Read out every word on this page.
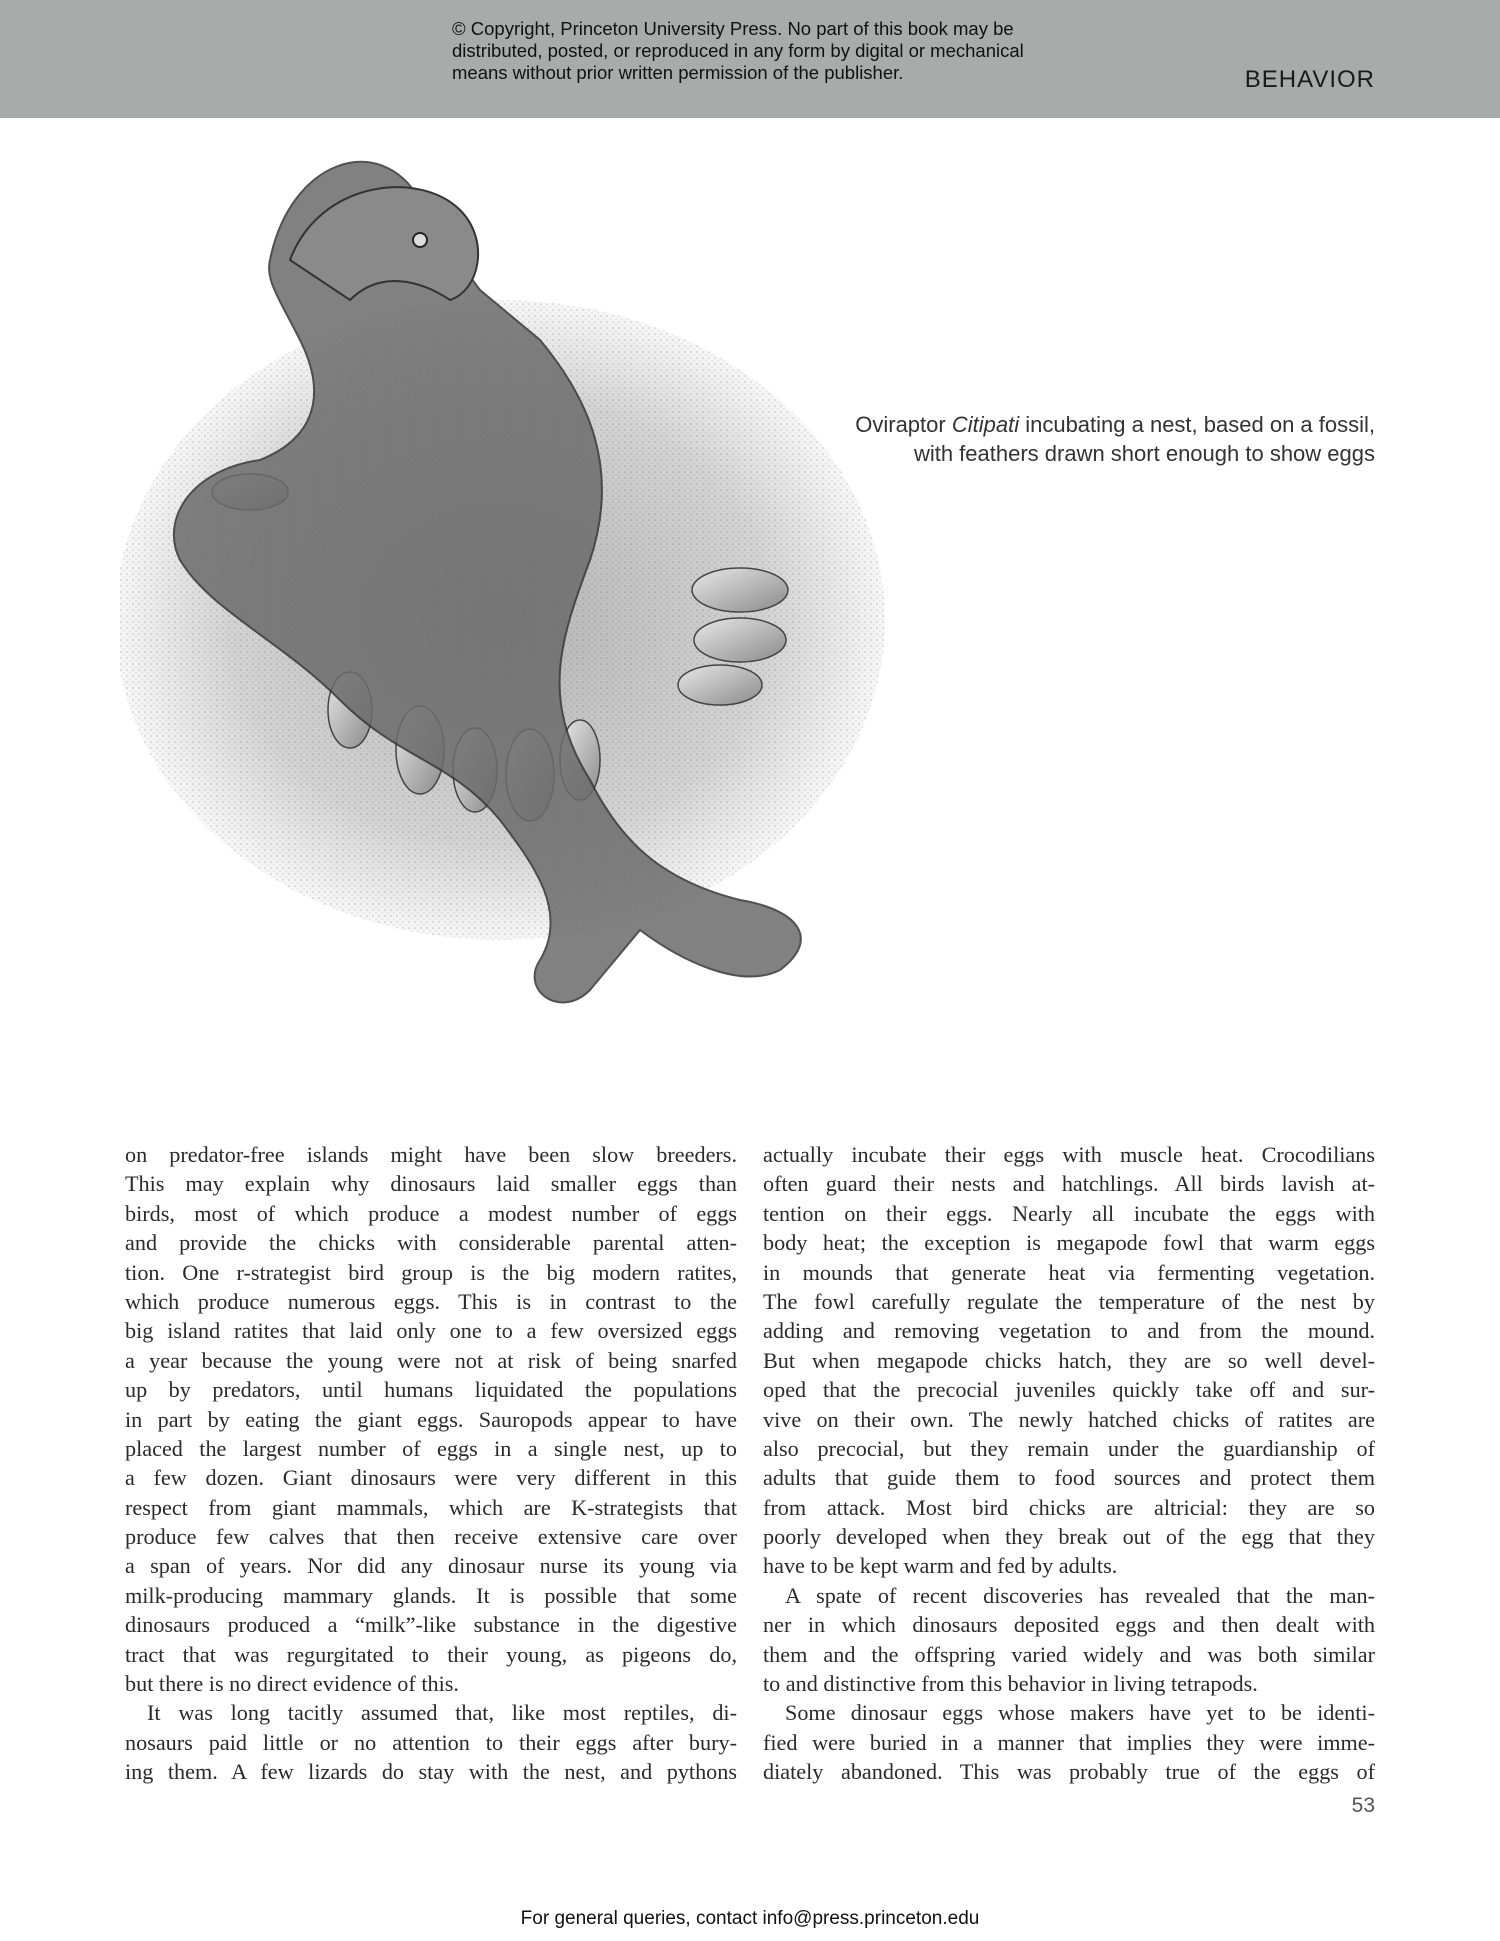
© Copyright, Princeton University Press. No part of this book may be
distributed, posted, or reproduced in any form by digital or mechanical
means without prior written permission of the publisher.	BEHAVIOR
Oviraptor Citipati incubating a nest, based on a fossil,
with feathers drawn short enough to show eggs
on predator-free islands might have been slow breeders.
This may explain why dinosaurs laid smaller eggs than
birds, most of which produce a modest number of eggs
and provide the chicks with considerable parental atten-
tion. One r-strategist bird group is the big modern ratites,
which produce numerous eggs. This is in contrast to the
big island ratites that laid only one to a few oversized eggs
a year because the young were not at risk of being snarfed
up by predators, until humans liquidated the populations
in part by eating the giant eggs. Sauropods appear to have
placed the largest number of eggs in a single nest, up to
a few dozen. Giant dinosaurs were very different in this
respect from giant mammals, which are K-strategists that
produce few calves that then receive extensive care over
a span of years. Nor did any dinosaur nurse its young via
milk-producing mammary glands. It is possible that some
dinosaurs produced a “milk”-like substance in the digestive
tract that was regurgitated to their young, as pigeons do,
but there is no direct evidence of this.
It was long tacitly assumed that, like most reptiles, di-
nosaurs paid little or no attention to their eggs after bury-
ing them. A few lizards do stay with the nest, and pythons
actually incubate their eggs with muscle heat. Crocodilians
often guard their nests and hatchlings. All birds lavish at-
tention on their eggs. Nearly all incubate the eggs with
body heat; the exception is megapode fowl that warm eggs
in mounds that generate heat via fermenting vegetation.
The fowl carefully regulate the temperature of the nest by
adding and removing vegetation to and from the mound.
But when megapode chicks hatch, they are so well devel-
oped that the precocial juveniles quickly take off and sur-
vive on their own. The newly hatched chicks of ratites are
also precocial, but they remain under the guardianship of
adults that guide them to food sources and protect them
from attack. Most bird chicks are altricial: they are so
poorly developed when they break out of the egg that they
have to be kept warm and fed by adults.
A spate of recent discoveries has revealed that the man-
ner in which dinosaurs deposited eggs and then dealt with
them and the offspring varied widely and was both similar
to and distinctive from this behavior in living tetrapods.
Some dinosaur eggs whose makers have yet to be identi-
fied were buried in a manner that implies they were imme-
diately abandoned. This was probably true of the eggs of
53
For general queries, contact info@press.princeton.edu
